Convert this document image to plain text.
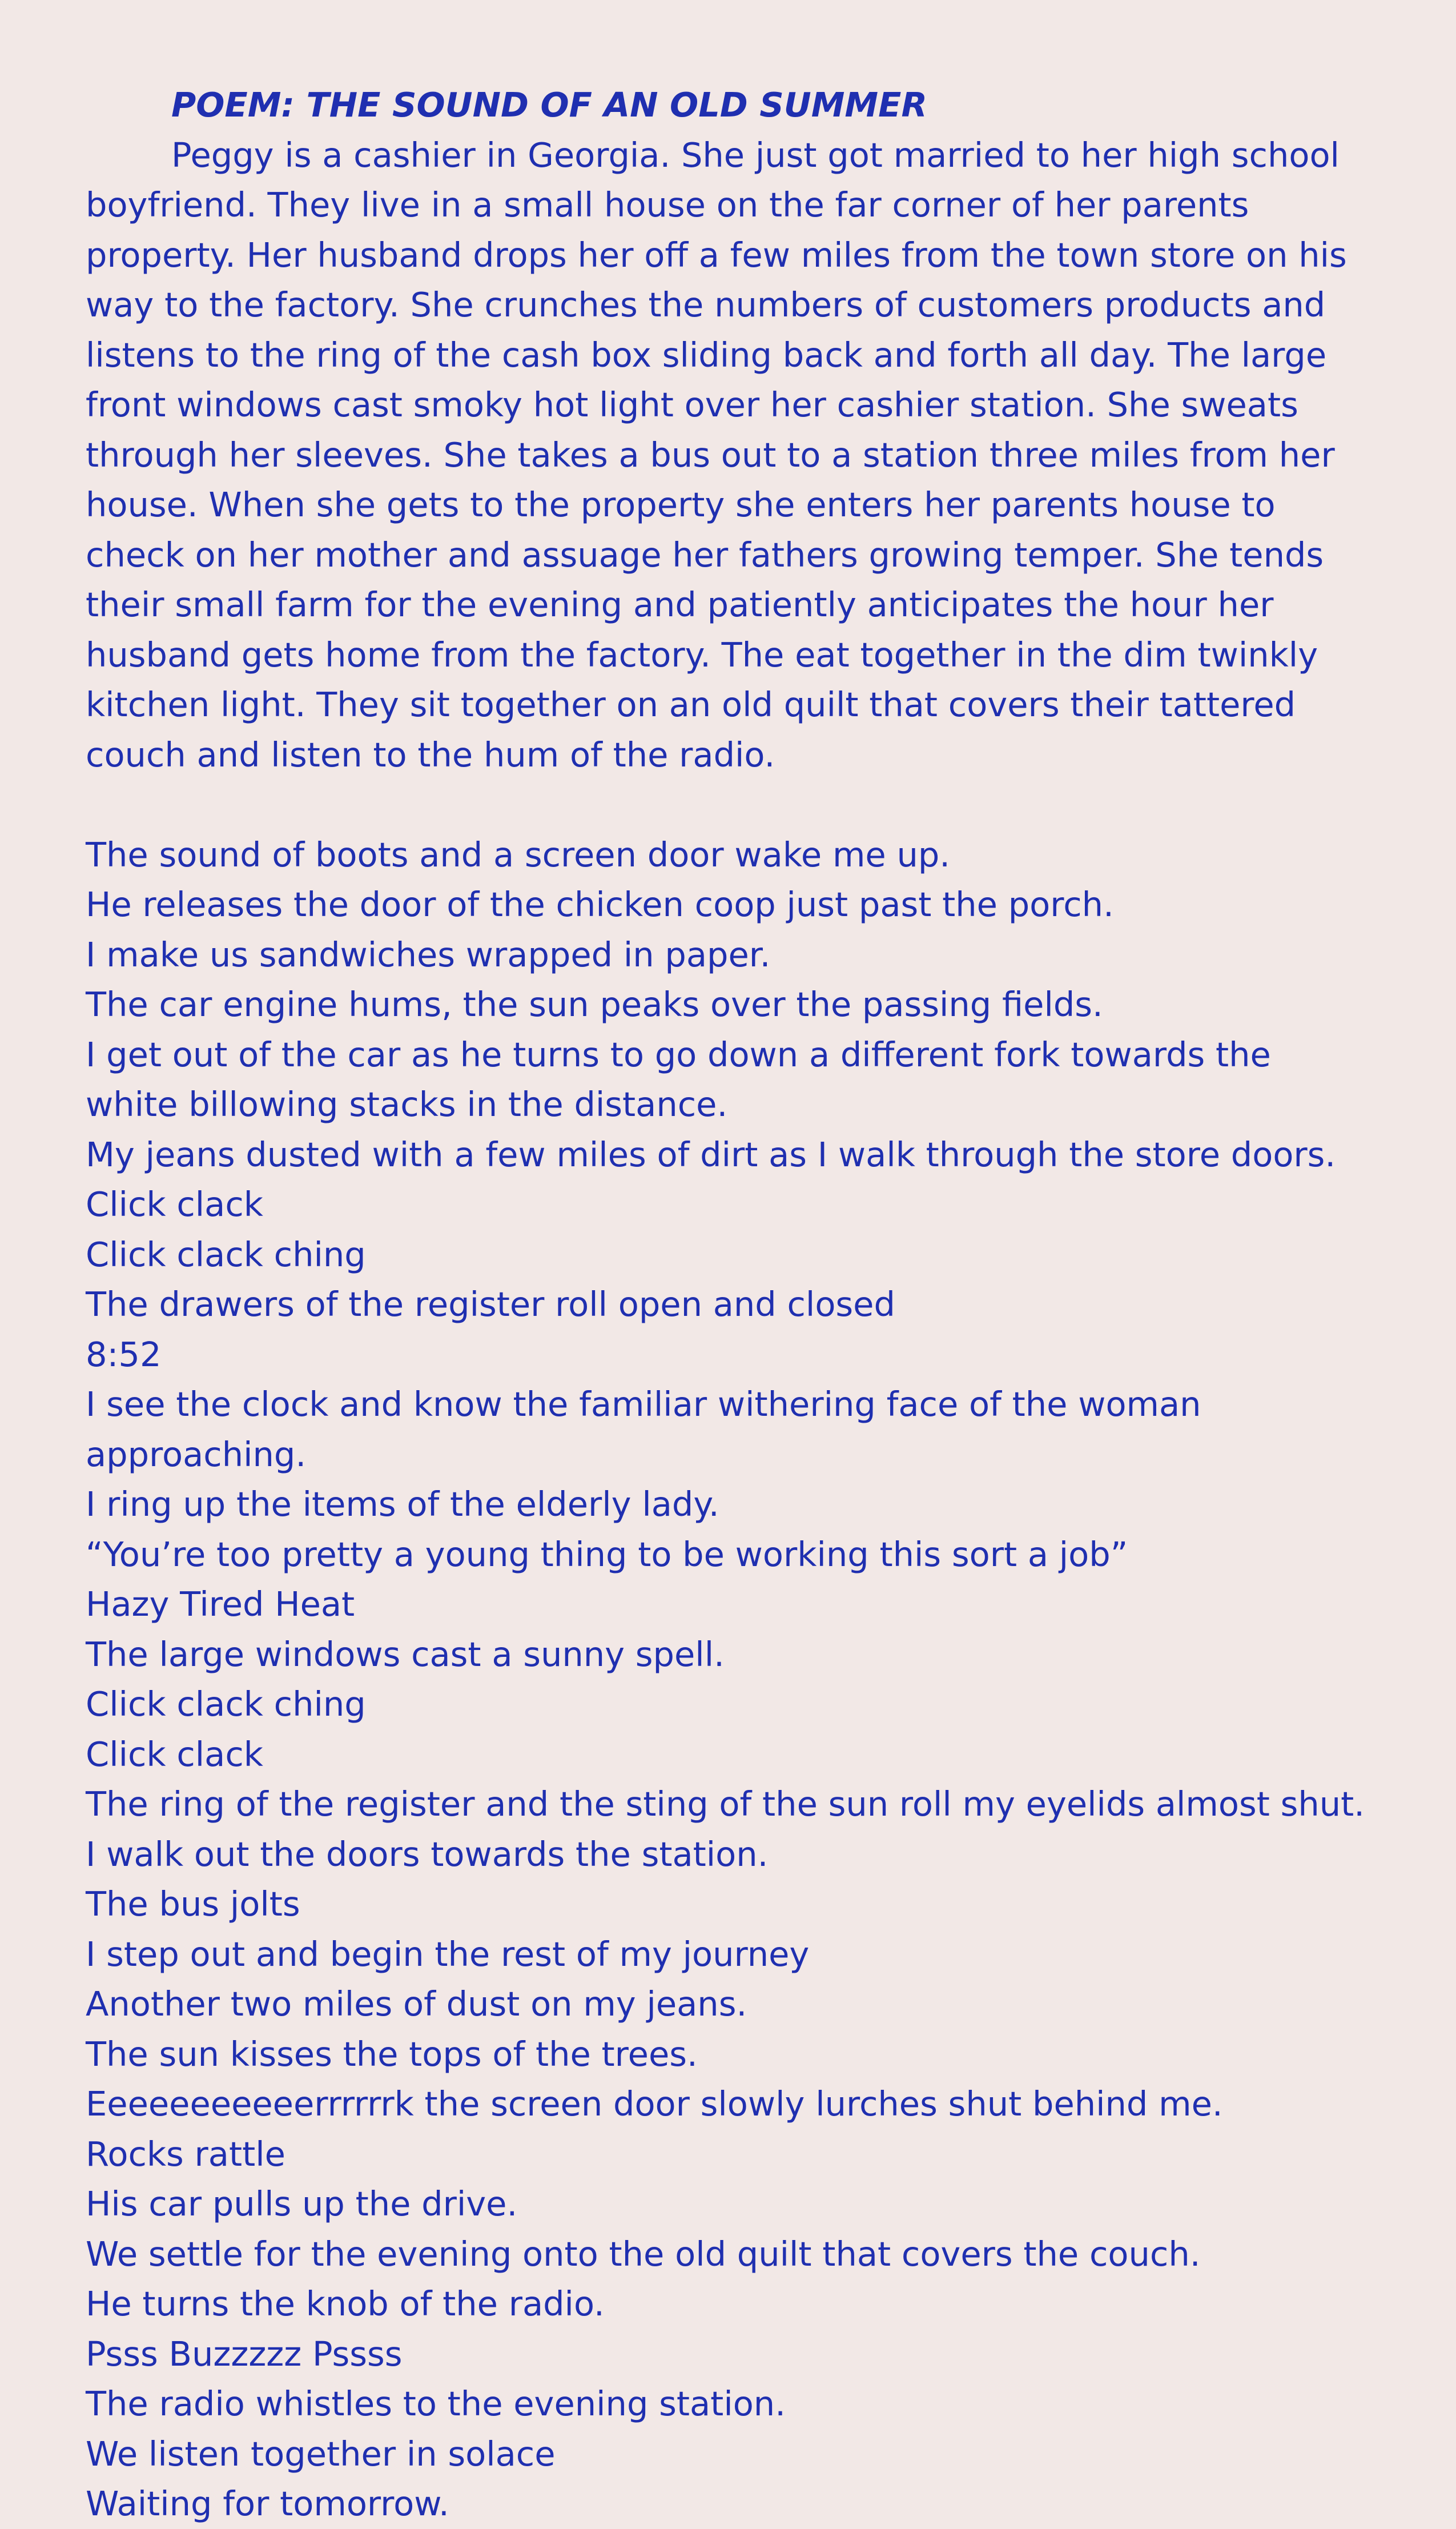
POEM: THE SOUND OF AN OLD SUMMER

Peggy is a cashier in Georgia. She just got married to her high school boyfriend. They live in a small house on the far corner of her parents property. Her husband drops her off a few miles from the town store on his way to the factory. She crunches the numbers of customers products and listens to the ring of the cash box sliding back and forth all day. The large front windows cast smoky hot light over her cashier station. She sweats through her sleeves. She takes a bus out to a station three miles from her house. When she gets to the property she enters her parents house to check on her mother and assuage her fathers growing temper. She tends their small farm for the evening and patiently anticipates the hour her husband gets home from the factory. The eat together in the dim twinkly kitchen light. They sit together on an old quilt that covers their tattered couch and listen to the hum of the radio.

The sound of boots and a screen door wake me up.

He releases the door of the chicken coop just past the porch.

I make us sandwiches wrapped in paper.

The car engine hums, the sun peaks over the passing fields.

I get out of the car as he turns to go down a different fork towards the white billowing stacks in the distance.

My jeans dusted with a few miles of dirt as I walk through the store doors.

Click clack

Click clack ching

The drawers of the register roll open and closed

8:52

I see the clock and know the familiar withering face of the woman approaching.

I ring up the items of the elderly lady.

“You’re too pretty a young thing to be working this sort a job”

Hazy Tired Heat

The large windows cast a sunny spell.

Click clack ching

Click clack

The ring of the register and the sting of the sun roll my eyelids almost shut.

I walk out the doors towards the station.

The bus jolts

I step out and begin the rest of my journey

Another two miles of dust on my jeans.

The sun kisses the tops of the trees.

Eeeeeeeeeeerrrrrrk the screen door slowly lurches shut behind me.

Rocks rattle

His car pulls up the drive.

We settle for the evening onto the old quilt that covers the couch.

He turns the knob of the radio.

Psss Buzzzzz Pssss

The radio whistles to the evening station.

We listen together in solace

Waiting for tomorrow.
